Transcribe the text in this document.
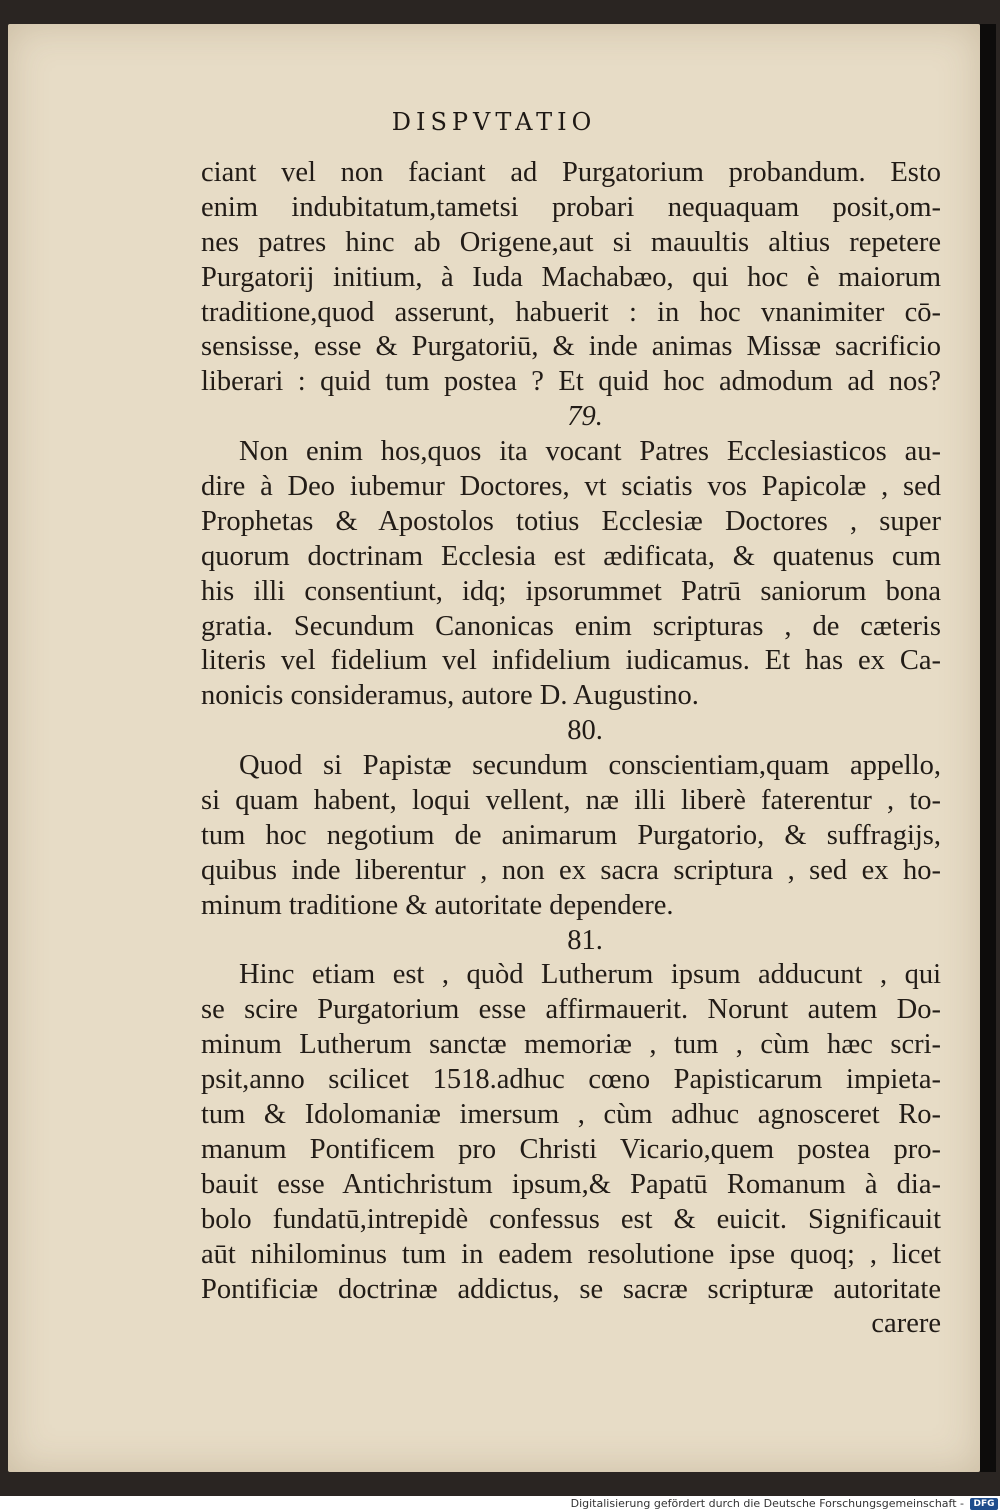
DISPVTATIO
ciant vel non faciant ad Purgatorium probandum. Esto
enim indubitatum,tametsi probari nequaquam posit,om-
nes patres hinc ab Origene,aut si mauultis altius repetere
Purgatorij initium, à Iuda Machabæo, qui hoc è maiorum
traditione,quod asserunt, habuerit : in hoc vnanimiter cō-
sensisse, esse & Purgatoriū, & inde animas Missæ sacrificio
liberari : quid tum postea ? Et quid hoc admodum ad nos?
79.
Non enim hos,quos ita vocant Patres Ecclesiasticos au-
dire à Deo iubemur Doctores, vt sciatis vos Papicolæ , sed
Prophetas & Apostolos totius Ecclesiæ Doctores , super
quorum doctrinam Ecclesia est ædificata, & quatenus cum
his illi consentiunt, idq; ipsorummet Patrū saniorum bona
gratia. Secundum Canonicas enim scripturas , de cæteris
literis vel fidelium vel infidelium iudicamus. Et has ex Ca-
nonicis consideramus, autore D. Augustino.
80.
Quod si Papistæ secundum conscientiam,quam appello,
si quam habent, loqui vellent, næ illi liberè faterentur , to-
tum hoc negotium de animarum Purgatorio, & suffragijs,
quibus inde liberentur , non ex sacra scriptura , sed ex ho-
minum traditione & autoritate dependere.
81.
Hinc etiam est , quòd Lutherum ipsum adducunt , qui
se scire Purgatorium esse affirmauerit. Norunt autem Do-
minum Lutherum sanctæ memoriæ , tum , cùm hæc scri-
psit,anno scilicet 1518.adhuc cœno Papisticarum impieta-
tum & Idolomaniæ imersum , cùm adhuc agnosceret Ro-
manum Pontificem pro Christi Vicario,quem postea pro-
bauit esse Antichristum ipsum,& Papatū Romanum à dia-
bolo fundatū,intrepidè confessus est & euicit. Significauit
aūt nihilominus tum in eadem resolutione ipse quoq; , licet
Pontificiæ doctrinæ addictus, se sacræ scripturæ autoritate
carere
Digitalisierung gefördert durch die Deutsche Forschungsgemeinschaft -	DFG
